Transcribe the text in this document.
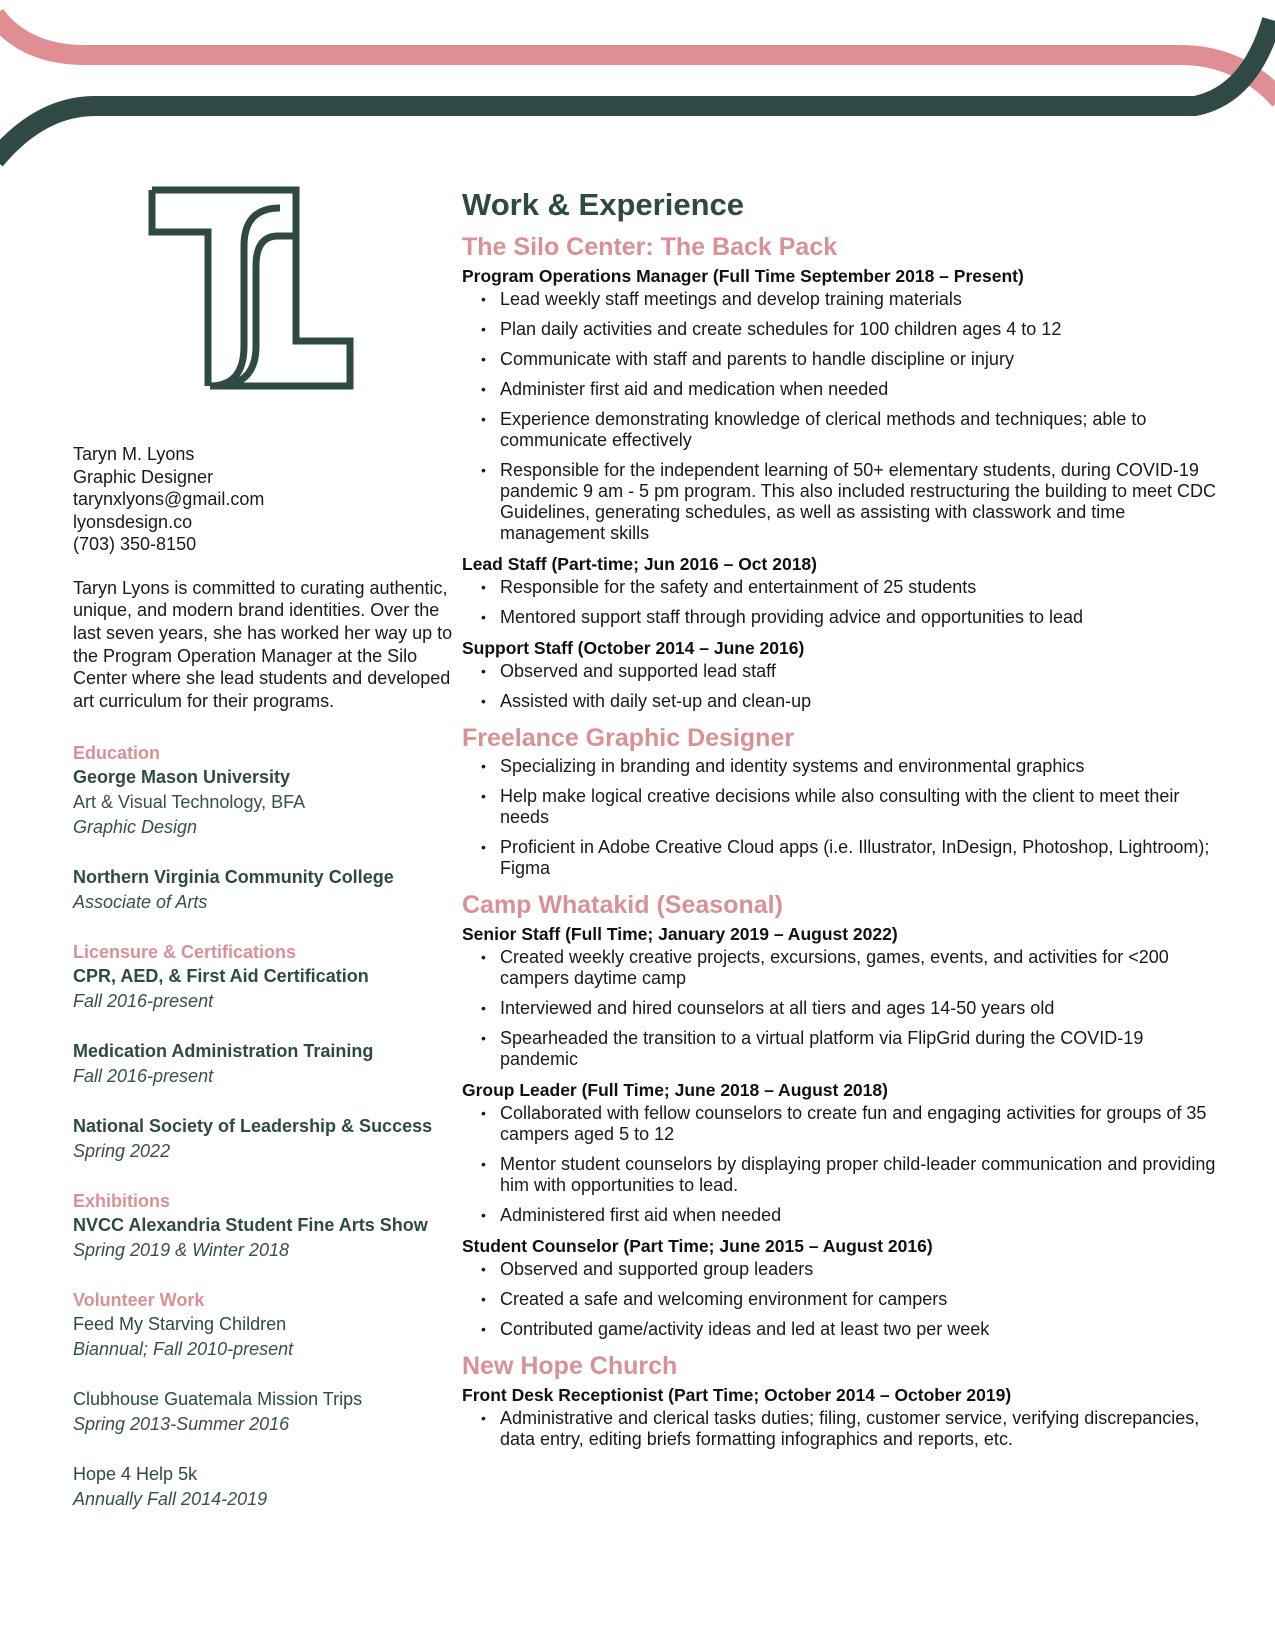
Taryn M. Lyons
Graphic Designer
tarynxlyons@gmail.com
lyonsdesign.co
(703) 350-8150
Taryn Lyons is committed to curating authentic, unique, and modern brand identities. Over the last seven years, she has worked her way up to the Program Operation Manager at the Silo Center where she lead students and developed art curriculum for their programs.
Education
George Mason University
Art & Visual Technology, BFA
Graphic Design
Northern Virginia Community College
Associate of Arts
Licensure & Certifications
CPR, AED, & First Aid Certification
Fall 2016-present
Medication Administration Training
Fall 2016-present
National Society of Leadership & Success
Spring 2022
Exhibitions
NVCC Alexandria Student Fine Arts Show
Spring 2019 & Winter 2018
Volunteer Work
Feed My Starving Children
Biannual; Fall 2010-present
Clubhouse Guatemala Mission Trips
Spring 2013-Summer 2016
Hope 4 Help 5k
Annually Fall 2014-2019
Work & Experience
The Silo Center: The Back Pack
Program Operations Manager (Full Time September 2018 – Present)
• Lead weekly staff meetings and develop training materials
• Plan daily activities and create schedules for 100 children ages 4 to 12
• Communicate with staff and parents to handle discipline or injury
• Administer first aid and medication when needed
• Experience demonstrating knowledge of clerical methods and techniques; able to communicate effectively
• Responsible for the independent learning of 50+ elementary students, during COVID-19 pandemic 9 am - 5 pm program. This also included restructuring the building to meet CDC Guidelines, generating schedules, as well as assisting with classwork and time management skills
Lead Staff (Part-time; Jun 2016 – Oct 2018)
• Responsible for the safety and entertainment of 25 students
• Mentored support staff through providing advice and opportunities to lead
Support Staff (October 2014 – June 2016)
• Observed and supported lead staff
• Assisted with daily set-up and clean-up
Freelance Graphic Designer
• Specializing in branding and identity systems and environmental graphics
• Help make logical creative decisions while also consulting with the client to meet their needs
• Proficient in Adobe Creative Cloud apps (i.e. Illustrator, InDesign, Photoshop, Lightroom); Figma
Camp Whatakid (Seasonal)
Senior Staff (Full Time; January 2019 – August 2022)
• Created weekly creative projects, excursions, games, events, and activities for <200 campers daytime camp
• Interviewed and hired counselors at all tiers and ages 14-50 years old
• Spearheaded the transition to a virtual platform via FlipGrid during the COVID-19 pandemic
Group Leader (Full Time; June 2018 – August 2018)
• Collaborated with fellow counselors to create fun and engaging activities for groups of 35 campers aged 5 to 12
• Mentor student counselors by displaying proper child-leader communication and providing him with opportunities to lead.
• Administered first aid when needed
Student Counselor (Part Time; June 2015 – August 2016)
• Observed and supported group leaders
• Created a safe and welcoming environment for campers
• Contributed game/activity ideas and led at least two per week
New Hope Church
Front Desk Receptionist (Part Time; October 2014 – October 2019)
• Administrative and clerical tasks duties; filing, customer service, verifying discrepancies, data entry, editing briefs formatting infographics and reports, etc.
